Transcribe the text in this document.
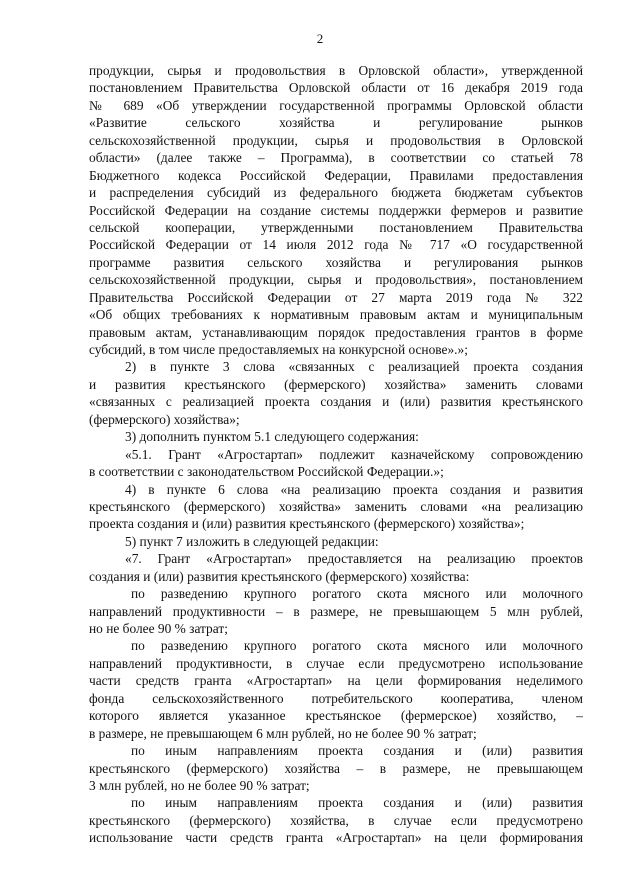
2

продукции, сырья и продовольствия в Орловской области», утвержденной
постановлением Правительства Орловской области от 16 декабря 2019 года
№ 689 «Об утверждении государственной программы Орловской области
«Развитие сельского хозяйства и регулирование рынков
сельскохозяйственной продукции, сырья и продовольствия в Орловской
области» (далее также – Программа), в соответствии со статьей 78
Бюджетного кодекса Российской Федерации, Правилами предоставления
и распределения субсидий из федерального бюджета бюджетам субъектов
Российской Федерации на создание системы поддержки фермеров и развитие
сельской кооперации, утвержденными постановлением Правительства
Российской Федерации от 14 июля 2012 года № 717 «О государственной
программе развития сельского хозяйства и регулирования рынков
сельскохозяйственной продукции, сырья и продовольствия», постановлением
Правительства Российской Федерации от 27 марта 2019 года № 322
«Об общих требованиях к нормативным правовым актам и муниципальным
правовым актам, устанавливающим порядок предоставления грантов в форме
субсидий, в том числе предоставляемых на конкурсной основе».»;

2) в пункте 3 слова «связанных с реализацией проекта создания
и развития крестьянского (фермерского) хозяйства» заменить словами
«связанных с реализацией проекта создания и (или) развития крестьянского
(фермерского) хозяйства»;

3) дополнить пунктом 5.1 следующего содержания:

«5.1. Грант «Агростартап» подлежит казначейскому сопровождению
в соответствии с законодательством Российской Федерации.»;

4) в пункте 6 слова «на реализацию проекта создания и развития
крестьянского (фермерского) хозяйства» заменить словами «на реализацию
проекта создания и (или) развития крестьянского (фермерского) хозяйства»;

5) пункт 7 изложить в следующей редакции:

«7. Грант «Агростартап» предоставляется на реализацию проектов
создания и (или) развития крестьянского (фермерского) хозяйства:

по разведению крупного рогатого скота мясного или молочного
направлений продуктивности – в размере, не превышающем 5 млн рублей,
но не более 90 % затрат;

по разведению крупного рогатого скота мясного или молочного
направлений продуктивности, в случае если предусмотрено использование
части средств гранта «Агростартап» на цели формирования неделимого
фонда сельскохозяйственного потребительского кооператива, членом
которого является указанное крестьянское (фермерское) хозяйство, –
в размере, не превышающем 6 млн рублей, но не более 90 % затрат;

по иным направлениям проекта создания и (или) развития
крестьянского (фермерского) хозяйства – в размере, не превышающем
3 млн рублей, но не более 90 % затрат;

по иным направлениям проекта создания и (или) развития
крестьянского (фермерского) хозяйства, в случае если предусмотрено
использование части средств гранта «Агростартап» на цели формирования
